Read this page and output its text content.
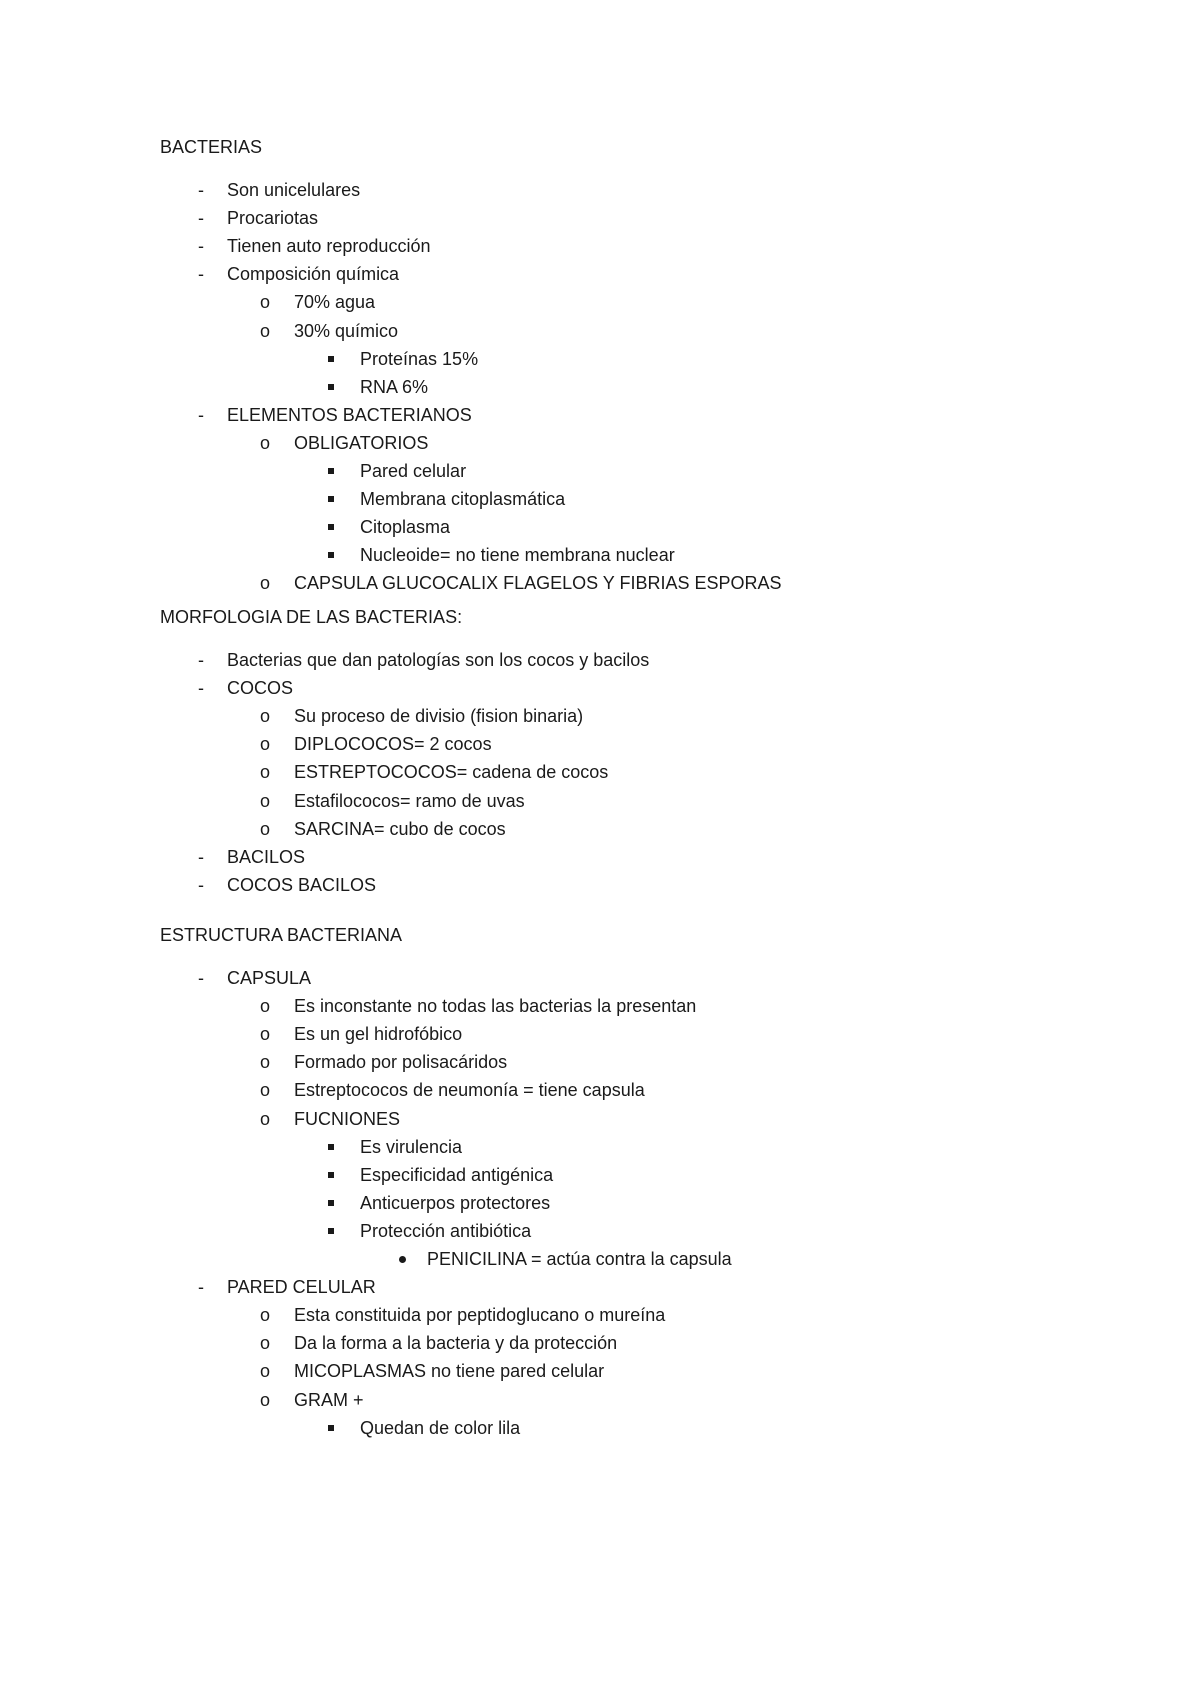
BACTERIAS
- Son unicelulares
- Procariotas
- Tienen auto reproducción
- Composición química
o 70% agua
o 30% químico
Proteínas 15%
RNA 6%
- ELEMENTOS BACTERIANOS
o OBLIGATORIOS
Pared celular
Membrana citoplasmática
Citoplasma
Nucleoide= no tiene membrana nuclear
o CAPSULA GLUCOCALIX FLAGELOS Y FIBRIAS ESPORAS
MORFOLOGIA DE LAS BACTERIAS:
- Bacterias que dan patologías son los cocos y bacilos
- COCOS
o Su proceso de divisio (fision binaria)
o DIPLOCOCOS= 2 cocos
o ESTREPTOCOCOS= cadena de cocos
o Estafilococos= ramo de uvas
o SARCINA= cubo de cocos
- BACILOS
- COCOS BACILOS
ESTRUCTURA BACTERIANA
- CAPSULA
o Es inconstante no todas las bacterias la presentan
o Es un gel hidrofóbico
o Formado por polisacáridos
o Estreptococos de neumonía = tiene capsula
o FUCNIONES
Es virulencia
Especificidad antigénica
Anticuerpos protectores
Protección antibiótica
PENICILINA = actúa contra la capsula
- PARED CELULAR
o Esta constituida por peptidoglucano o mureína
o Da la forma a la bacteria y da protección
o MICOPLASMAS no tiene pared celular
o GRAM +
Quedan de color lila
